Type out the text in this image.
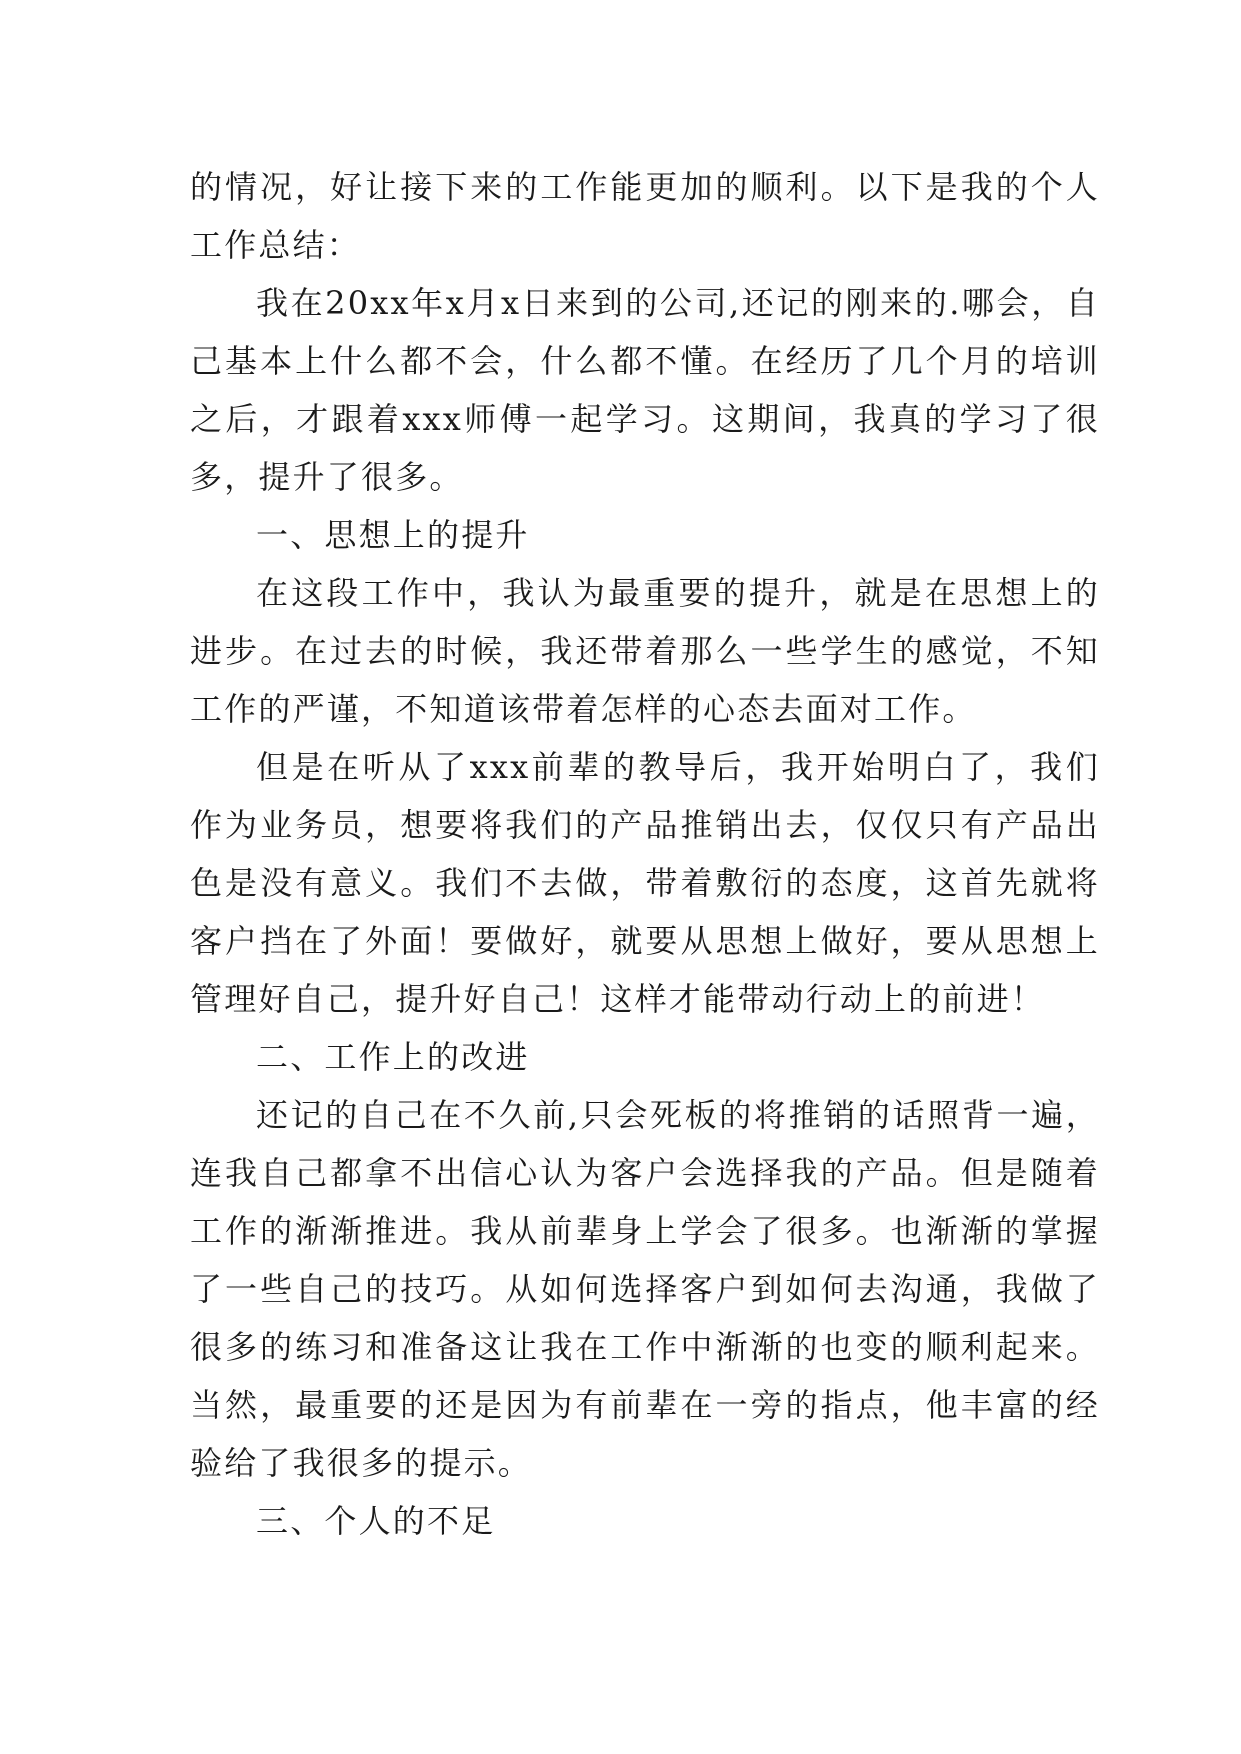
的情况，好让接下来的工作能更加的顺利。以下是我的个人工作总结：

我在20xx年x月x日来到的公司,还记的刚来的.哪会，自己基本上什么都不会，什么都不懂。在经历了几个月的培训之后，才跟着xxx师傅一起学习。这期间，我真的学习了很多，提升了很多。

一、思想上的提升

在这段工作中，我认为最重要的提升，就是在思想上的进步。在过去的时候，我还带着那么一些学生的感觉，不知工作的严谨，不知道该带着怎样的心态去面对工作。

但是在听从了xxx前辈的教导后，我开始明白了，我们作为业务员，想要将我们的产品推销出去，仅仅只有产品出色是没有意义。我们不去做，带着敷衍的态度，这首先就将客户挡在了外面！要做好，就要从思想上做好，要从思想上管理好自己，提升好自己！这样才能带动行动上的前进！

二、工作上的改进

还记的自己在不久前,只会死板的将推销的话照背一遍，连我自己都拿不出信心认为客户会选择我的产品。但是随着工作的渐渐推进。我从前辈身上学会了很多。也渐渐的掌握了一些自己的技巧。从如何选择客户到如何去沟通，我做了很多的练习和准备这让我在工作中渐渐的也变的顺利起来。当然，最重要的还是因为有前辈在一旁的指点，他丰富的经验给了我很多的提示。

三、个人的不足
